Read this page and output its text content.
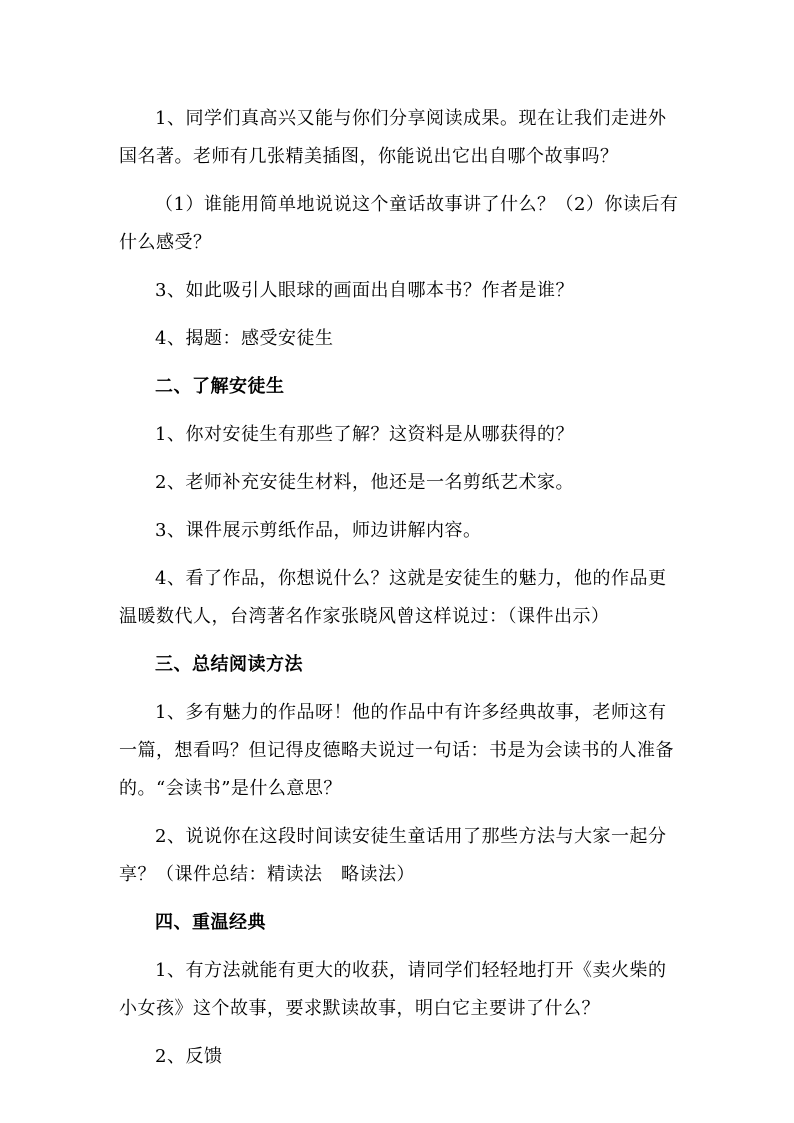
1、同学们真高兴又能与你们分享阅读成果。现在让我们走进外国名著。老师有几张精美插图，你能说出它出自哪个故事吗？

（1）谁能用简单地说说这个童话故事讲了什么？（2）你读后有什么感受？

3、如此吸引人眼球的画面出自哪本书？作者是谁？

4、揭题：感受安徒生

二、了解安徒生

1、你对安徒生有那些了解？这资料是从哪获得的？

2、老师补充安徒生材料，他还是一名剪纸艺术家。

3、课件展示剪纸作品，师边讲解内容。

4、看了作品，你想说什么？这就是安徒生的魅力，他的作品更温暖数代人，台湾著名作家张晓风曾这样说过：（课件出示）

三、总结阅读方法

1、多有魅力的作品呀！他的作品中有许多经典故事，老师这有一篇，想看吗？但记得皮德略夫说过一句话：书是为会读书的人准备的。“会读书”是什么意思？

2、说说你在这段时间读安徒生童话用了那些方法与大家一起分享？（课件总结：精读法　略读法）

四、重温经典

1、有方法就能有更大的收获，请同学们轻轻地打开《卖火柴的小女孩》这个故事，要求默读故事，明白它主要讲了什么？

2、反馈
